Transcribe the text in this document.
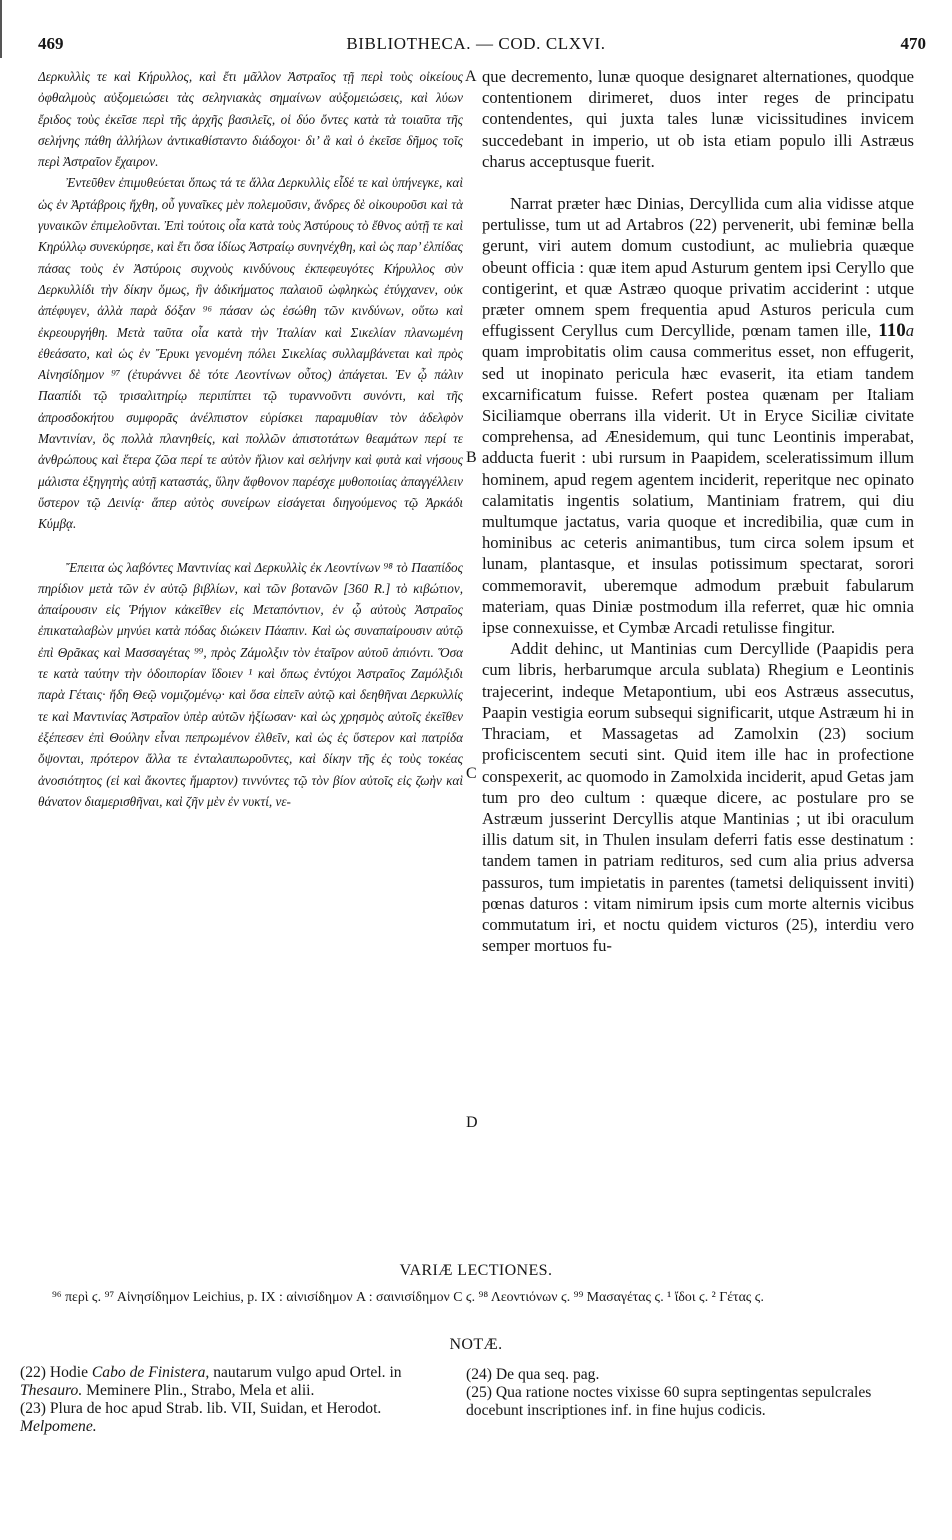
469	BIBLIOTHECA. — COD. CLXVI.	470

Δερκυλλὶς τε καὶ Κήρυλλος, καὶ ἔτι μᾶλλον Ἀστραῖος τῇ περὶ τοὺς οἰκείους ὀφθαλμοὺς αὐξομειώσει τὰς σεληνιακὰς σημαίνων αὐξομειώσεις, καὶ λύων ἔριδος τοὺς ἐκεῖσε περὶ τῆς ἀρχῆς βασιλεῖς, οἱ δύο ὄντες κατὰ τὰ τοιαῦτα τῆς σελήνης πάθη ἀλλήλων ἀντικαθίσταντο διάδοχοι· δι’ ἃ καὶ ὁ ἐκεῖσε δῆμος τοῖς περὶ Ἀστραῖον ἔχαιρον.

Ἐντεῦθεν ἐπιμυθεύεται ὅπως τά τε ἄλλα Δερκυλλὶς εἶδέ τε καὶ ὑπήνεγκε, καὶ ὡς ἐν Ἀρτάβροις ἤχθη, οὗ γυναῖκες μὲν πολεμοῦσιν, ἄνδρες δὲ οἰκουροῦσι καὶ τὰ γυναικῶν ἐπιμελοῦνται. Ἐπὶ τούτοις οἷα κατὰ τοὺς Ἀστύρους τὸ ἔθνος αὐτῇ τε καὶ Κηρύλλῳ συνεκύρησε, καὶ ἔτι ὅσα ἰδίως Ἀστραίῳ συνηνέχθη, καὶ ὡς παρ’ ἐλπίδας πάσας τοὺς ἐν Ἀστύροις συχνοὺς κινδύνους ἐκπεφευγότες Κήρυλλος σὺν Δερκυλλίδι τὴν δίκην ὅμως, ἣν ἀδικήματος παλαιοῦ ὠφληκὼς ἐτύγχανεν, οὐκ ἀπέφυγεν, ἀλλὰ παρὰ δόξαν ⁹⁶ πάσαν ὡς ἐσώθη τῶν κινδύνων, οὕτω καὶ ἐκρεουργήθη. Μετὰ ταῦτα οἷα κατὰ τὴν Ἰταλίαν καὶ Σικελίαν πλανωμένη ἐθεάσατο, καὶ ὡς ἐν Ἔρυκι γενομένη πόλει Σικελίας συλλαμβάνεται καὶ πρὸς Αἰνησίδημον ⁹⁷ (ἐτυράννει δὲ τότε Λεοντίνων οὗτος) ἀπάγεται. Ἐν ᾧ πάλιν Πααπίδι τῷ τρισαλιτηρίῳ περιπίπτει τῷ τυραννοῦντι συνόντι, καὶ τῆς ἀπροσδοκήτου συμφορᾶς ἀνέλπιστον εὑρίσκει παραμυθίαν τὸν ἀδελφὸν Μαντινίαν, ὃς πολλὰ πλανηθείς, καὶ πολλῶν ἀπιστοτάτων θεαμάτων περί τε ἀνθρώπους καὶ ἕτερα ζῶα περί τε αὐτὸν ἥλιον καὶ σελήνην καὶ φυτὰ καὶ νήσους μάλιστα ἐξηγητὴς αὐτῇ καταστάς, ὕλην ἄφθονον παρέσχε μυθοποιίας ἀπαγγέλλειν ὕστερον τῷ Δεινίᾳ· ἅπερ αὐτὸς συνείρων εἰσάγεται διηγούμενος τῷ Ἀρκάδι Κύμβᾳ.

Ἔπειτα ὡς λαβόντες Μαντινίας καὶ Δερκυλλὶς ἐκ Λεοντίνων ⁹⁸ τὸ Πααπίδος πηρίδιον μετὰ τῶν ἐν αὐτῷ βιβλίων, καὶ τῶν βοτανῶν [360 R.] τὸ κιβώτιον, ἀπαίρουσιν εἰς Ῥήγιον κἀκεῖθεν εἰς Μεταπόντιον, ἐν ᾧ αὐτοὺς Ἀστραῖος ἐπικαταλαβὼν μηνύει κατὰ πόδας διώκειν Πάαπιν. Καὶ ὡς συναπαίρουσιν αὐτῷ ἐπὶ Θρᾶκας καὶ Μασσαγέτας ⁹⁹, πρὸς Ζάμολξιν τὸν ἑταῖρον αὐτοῦ ἀπιόντι. Ὅσα τε κατὰ ταύτην τὴν ὁδοιπορίαν ἴδοιεν ¹ καὶ ὅπως ἐντύχοι Ἀστραῖος Ζαμόλξιδι παρὰ Γέταις· ἤδη Θεῷ νομιζομένῳ· καὶ ὅσα εἰπεῖν αὐτῷ καὶ δεηθῆναι Δερκυλλίς τε καὶ Μαντινίας Ἀστραῖον ὑπὲρ αὐτῶν ἠξίωσαν· καὶ ὡς χρησμὸς αὐτοῖς ἐκεῖθεν ἐξέπεσεν ἐπὶ Θούλην εἶναι πεπρωμένον ἐλθεῖν, καὶ ὡς ἐς ὕστερον καὶ πατρίδα ὄψονται, πρότερον ἄλλα τε ἐνταλαιπωροῦντες, καὶ δίκην τῆς ἐς τοὺς τοκέας ἀνοσιότητος (εἰ καὶ ἄκοντες ἥμαρτον) τιννύντες τῷ τὸν βίον αὐτοῖς εἰς ζωὴν καὶ θάνατον διαμερισθῆναι, καὶ ζῆν μὲν ἐν νυκτί, νε-

A
B
C
D

que decremento, lunæ quoque designaret alternationes, quodque contentionem dirimeret, duos inter reges de principatu contendentes, qui juxta tales lunæ vicissitudines invicem succedebant in imperio, ut ob ista etiam populo illi Astræus charus acceptusque fuerit.

Narrat præter hæc Dinias, Dercyllida cum alia vidisse atque pertulisse, tum ut ad Artabros (22) pervenerit, ubi feminæ bella gerunt, viri autem domum custodiunt, ac muliebria quæque obeunt officia : quæ item apud Asturum gentem ipsi Ceryllo que contigerint, et quæ Astræo quoque privatim acciderint : utque præter omnem spem frequentia apud Asturos pericula cum effugissent Ceryllus cum Dercyllide, pœnam tamen ille, 110a quam improbitatis olim causa commeritus esset, non effugerit, sed ut inopinato pericula hæc evaserit, ita etiam tandem excarnificatum fuisse. Refert postea quænam per Italiam Siciliamque oberrans illa viderit. Ut in Eryce Siciliæ civitate comprehensa, ad Ænesidemum, qui tunc Leontinis imperabat, adducta fuerit : ubi rursum in Paapidem, sceleratissimum illum hominem, apud regem agentem inciderit, reperitque nec opinato calamitatis ingentis solatium, Mantiniam fratrem, qui diu multumque jactatus, varia quoque et incredibilia, quæ cum in hominibus ac ceteris animantibus, tum circa solem ipsum et lunam, plantasque, et insulas potissimum spectarat, sorori commemoravit, uberemque admodum præbuit fabularum materiam, quas Diniæ postmodum illa referret, quæ hic omnia ipse connexuisse, et Cymbæ Arcadi retulisse fingitur.

Addit dehinc, ut Mantinias cum Dercyllide (Paapidis pera cum libris, herbarumque arcula sublata) Rhegium e Leontinis trajecerint, indeque Metapontium, ubi eos Astræus assecutus, Paapin vestigia eorum subsequi significarit, utque Astræum hi in Thraciam, et Massagetas ad Zamolxin (23) socium proficiscentem secuti sint. Quid item ille hac in profectione conspexerit, ac quomodo in Zamolxida inciderit, apud Getas jam tum pro deo cultum : quæque dicere, ac postulare pro se Astræum jusserint Dercyllis atque Mantinias ; ut ibi oraculum illis datum sit, in Thulen insulam deferri fatis esse destinatum : tandem tamen in patriam redituros, sed cum alia prius adversa passuros, tum impietatis in parentes (tametsi deliquissent inviti) pœnas daturos : vitam nimirum ipsis cum morte alternis vicibus commutatum iri, et noctu quidem victuros (25), interdiu vero semper mortuos fu-

VARIÆ LECTIONES.
⁹⁶ περὶ ϛ. ⁹⁷ Αἰνησίδημον Leichius, p. IX : αἰνισίδημον A : σαινισίδημον C ϛ. ⁹⁸ Λεοντιόνων ϛ. ⁹⁹ Μασαγέτας ϛ. ¹ ἴδοι ϛ. ² Γέτας ϛ.
NOTÆ.

(22) Hodie Cabo de Finistera, nautarum vulgo apud Ortel. in Thesauro. Meminere Plin., Strabo, Mela et alii.

(23) Plura de hoc apud Strab. lib. VII, Suidan, et Herodot. Melpomene.

(24) De qua seq. pag.

(25) Qua ratione noctes vixisse 60 supra septingentas sepulcrales docebunt inscriptiones inf. in fine hujus codicis.
